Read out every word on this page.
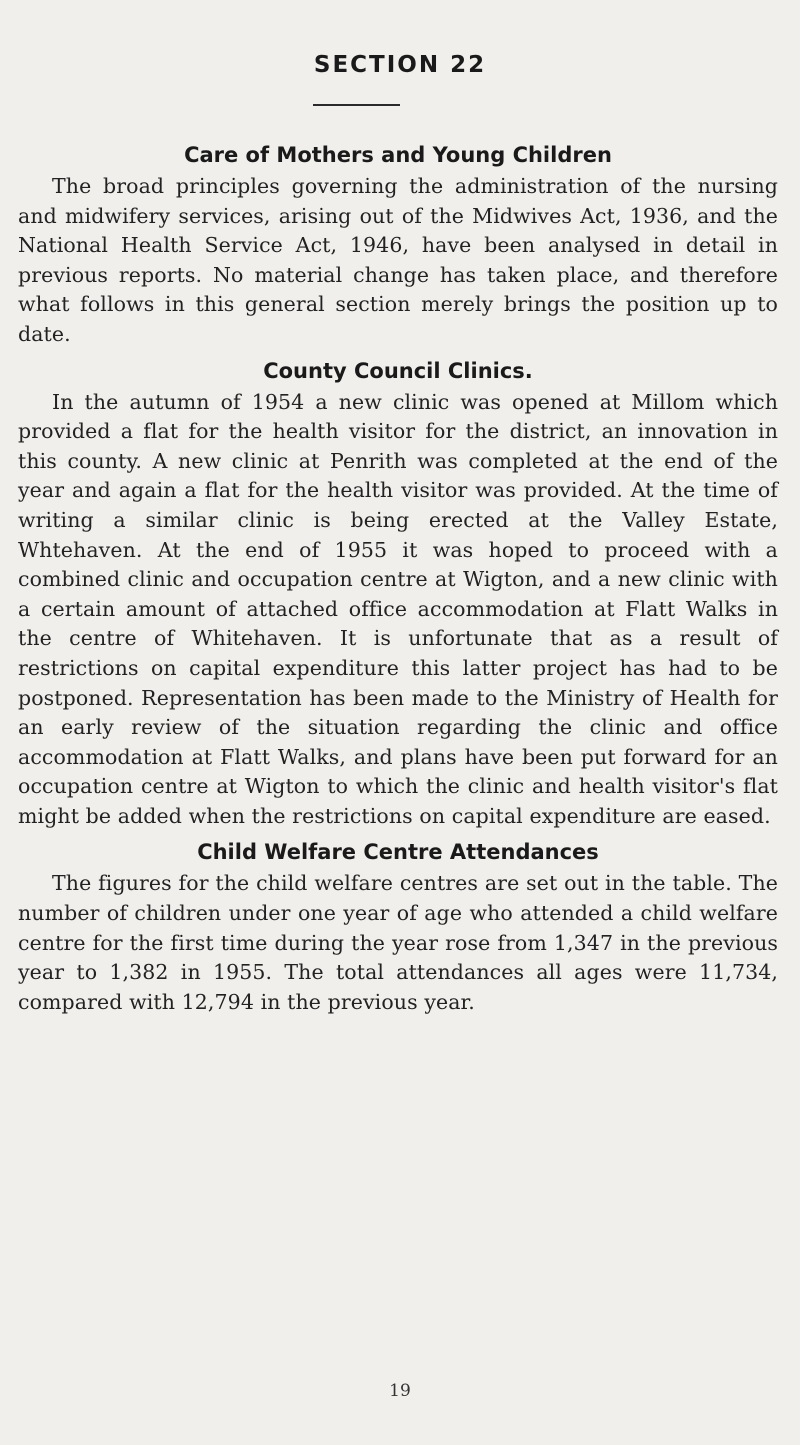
SECTION 22
Care of Mothers and Young Children

The broad principles governing the administration of the nursing and midwifery services, arising out of the Midwives Act, 1936, and the National Health Service Act, 1946, have been analysed in detail in previous reports. No material change has taken place, and therefore what follows in this general section merely brings the position up to date.

County Council Clinics.

In the autumn of 1954 a new clinic was opened at Millom which provided a flat for the health visitor for the district, an innovation in this county. A new clinic at Penrith was completed at the end of the year and again a flat for the health visitor was provided. At the time of writing a similar clinic is being erected at the Valley Estate, Whtehaven. At the end of 1955 it was hoped to proceed with a combined clinic and occupation centre at Wigton, and a new clinic with a certain amount of attached office accommodation at Flatt Walks in the centre of Whitehaven. It is unfortunate that as a result of restrictions on capital expenditure this latter project has had to be postponed. Representation has been made to the Ministry of Health for an early review of the situation regarding the clinic and office accommodation at Flatt Walks, and plans have been put forward for an occupation centre at Wigton to which the clinic and health visitor's flat might be added when the restrictions on capital expenditure are eased.

Child Welfare Centre Attendances

The figures for the child welfare centres are set out in the table. The number of children under one year of age who attended a child welfare centre for the first time during the year rose from 1,347 in the previous year to 1,382 in 1955. The total attendances all ages were 11,734, compared with 12,794 in the previous year.

19
